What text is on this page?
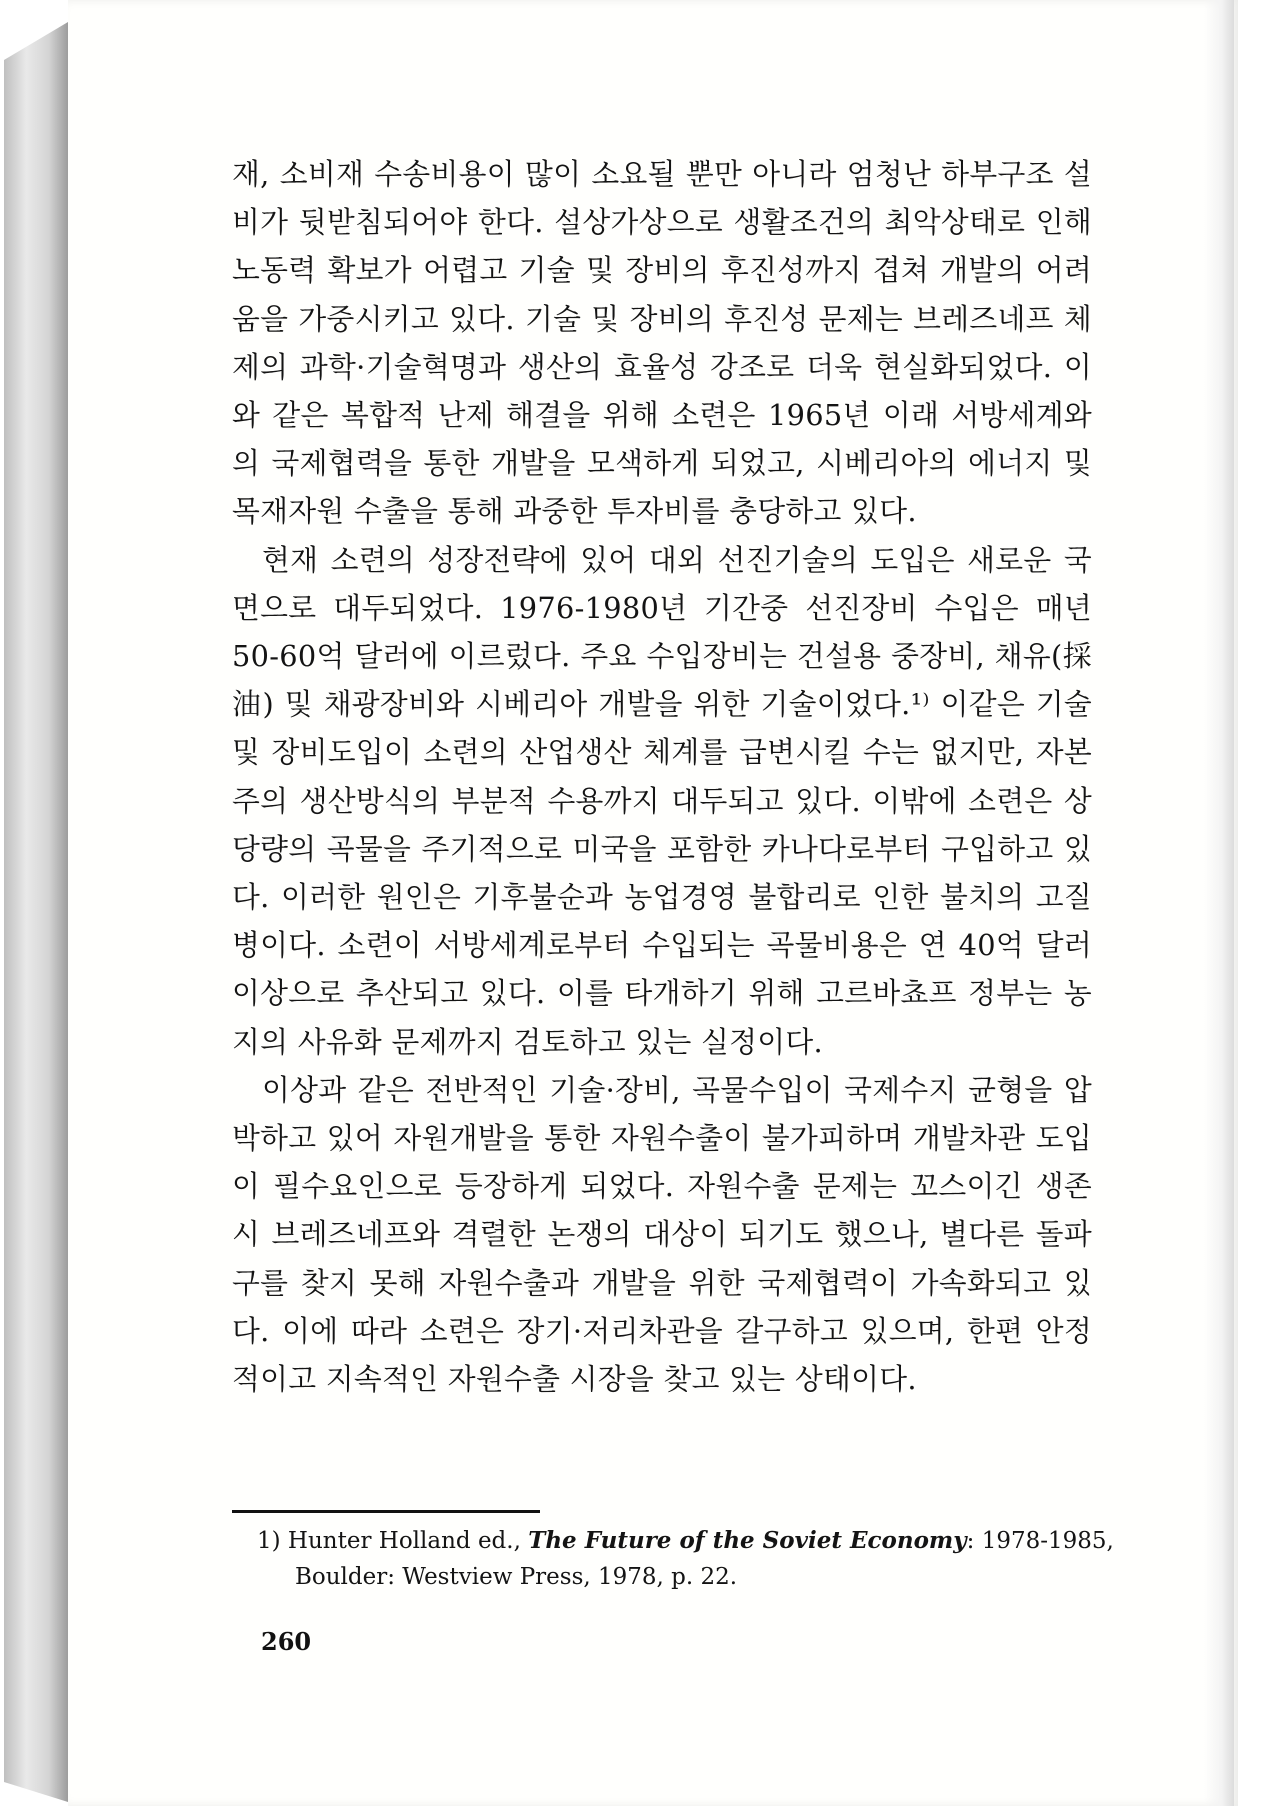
재, 소비재 수송비용이 많이 소요될 뿐만 아니라 엄청난 하부구조 설비가 뒷받침되어야 한다. 설상가상으로 생활조건의 최악상태로 인해 노동력 확보가 어렵고 기술 및 장비의 후진성까지 겹쳐 개발의 어려움을 가중시키고 있다. 기술 및 장비의 후진성 문제는 브레즈네프 체제의 과학·기술혁명과 생산의 효율성 강조로 더욱 현실화되었다. 이와 같은 복합적 난제 해결을 위해 소련은 1965년 이래 서방세계와의 국제협력을 통한 개발을 모색하게 되었고, 시베리아의 에너지 및 목재자원 수출을 통해 과중한 투자비를 충당하고 있다.

현재 소련의 성장전략에 있어 대외 선진기술의 도입은 새로운 국면으로 대두되었다. 1976-1980년 기간중 선진장비 수입은 매년 50-60억 달러에 이르렀다. 주요 수입장비는 건설용 중장비, 채유(採油) 및 채광장비와 시베리아 개발을 위한 기술이었다.¹⁾ 이같은 기술 및 장비도입이 소련의 산업생산 체계를 급변시킬 수는 없지만, 자본주의 생산방식의 부분적 수용까지 대두되고 있다. 이밖에 소련은 상당량의 곡물을 주기적으로 미국을 포함한 카나다로부터 구입하고 있다. 이러한 원인은 기후불순과 농업경영 불합리로 인한 불치의 고질병이다. 소련이 서방세계로부터 수입되는 곡물비용은 연 40억 달러 이상으로 추산되고 있다. 이를 타개하기 위해 고르바쵸프 정부는 농지의 사유화 문제까지 검토하고 있는 실정이다.

이상과 같은 전반적인 기술·장비, 곡물수입이 국제수지 균형을 압박하고 있어 자원개발을 통한 자원수출이 불가피하며 개발차관 도입이 필수요인으로 등장하게 되었다. 자원수출 문제는 꼬스이긴 생존시 브레즈네프와 격렬한 논쟁의 대상이 되기도 했으나, 별다른 돌파구를 찾지 못해 자원수출과 개발을 위한 국제협력이 가속화되고 있다. 이에 따라 소련은 장기·저리차관을 갈구하고 있으며, 한편 안정적이고 지속적인 자원수출 시장을 찾고 있는 상태이다.

1) Hunter Holland ed., The Future of the Soviet Economy: 1978-1985,
Boulder: Westview Press, 1978, p. 22.
260
